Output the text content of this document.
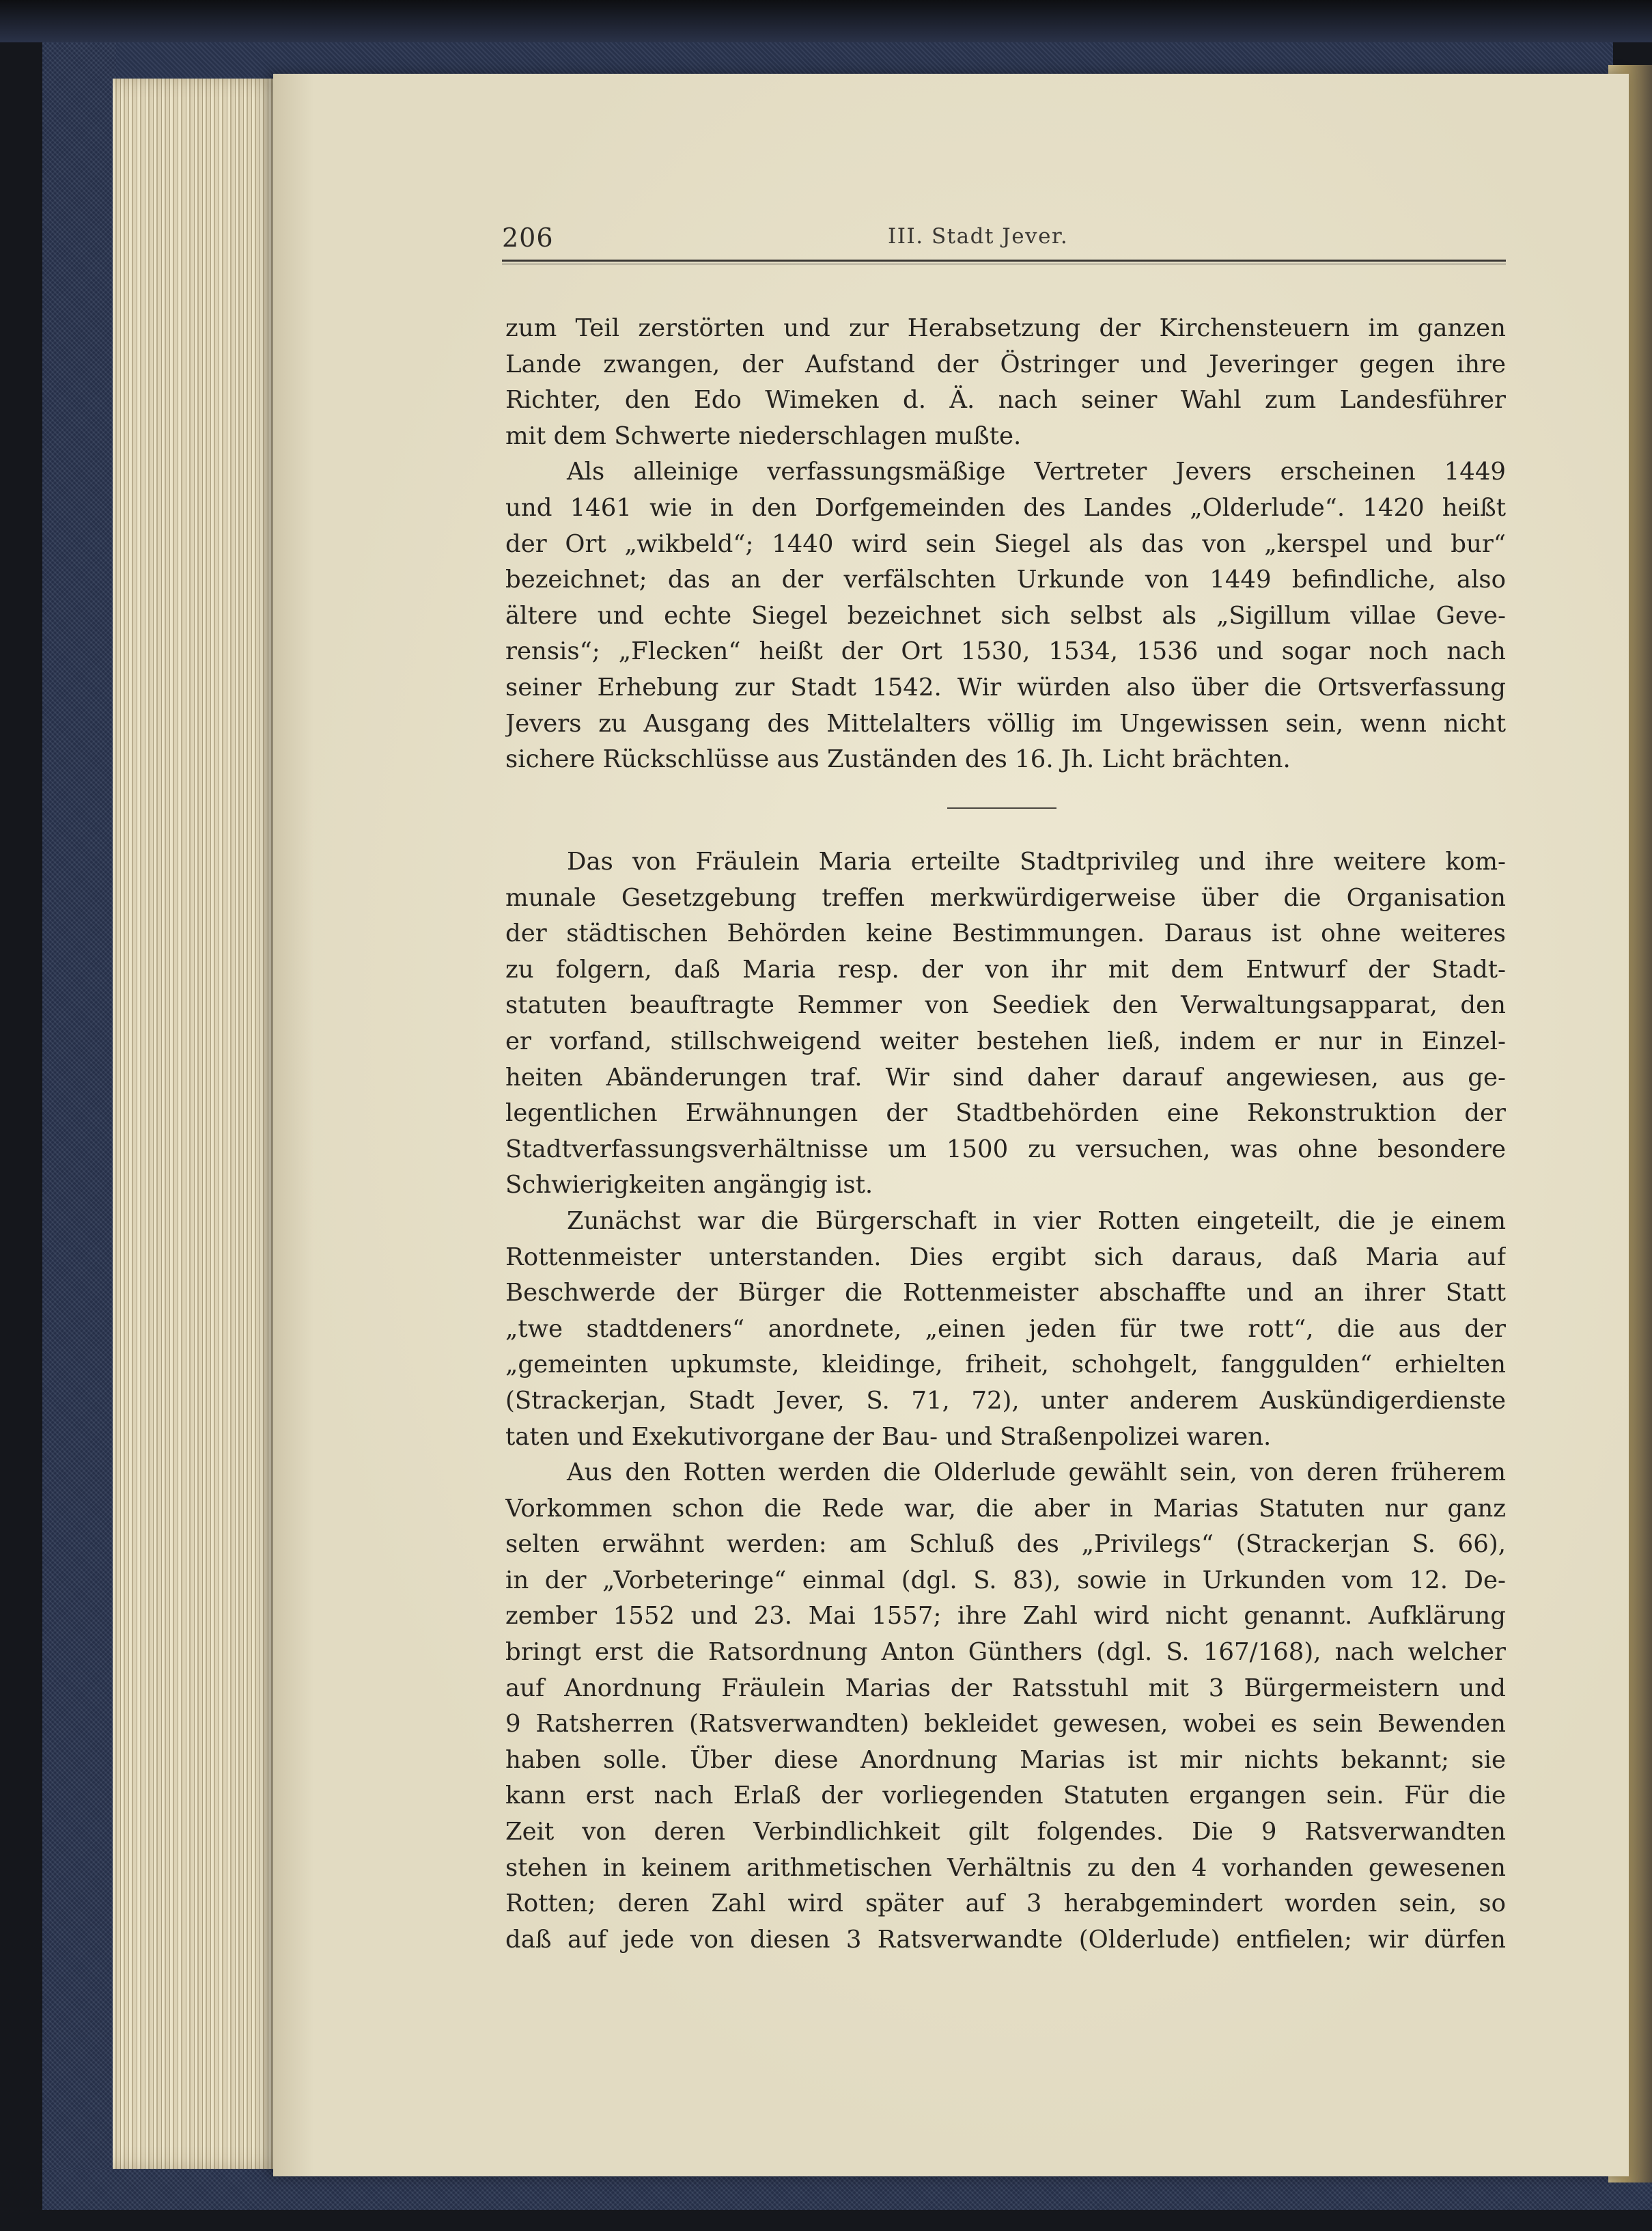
206	III. Stadt Jever.
zum Teil zerstörten und zur Herabsetzung der Kirchensteuern im ganzen
Lande zwangen, der Aufstand der Östringer und Jeveringer gegen ihre
Richter, den Edo Wimeken d. Ä. nach seiner Wahl zum Landesführer
mit dem Schwerte niederschlagen mußte.
Als alleinige verfassungsmäßige Vertreter Jevers erscheinen 1449
und 1461 wie in den Dorfgemeinden des Landes „Olderlude“. 1420 heißt
der Ort „wikbeld“; 1440 wird sein Siegel als das von „kerspel und bur“
bezeichnet; das an der verfälschten Urkunde von 1449 befindliche, also
ältere und echte Siegel bezeichnet sich selbst als „Sigillum villae Geve-
rensis“; „Flecken“ heißt der Ort 1530, 1534, 1536 und sogar noch nach
seiner Erhebung zur Stadt 1542. Wir würden also über die Ortsverfassung
Jevers zu Ausgang des Mittelalters völlig im Ungewissen sein, wenn nicht
sichere Rückschlüsse aus Zuständen des 16. Jh. Licht brächten.
Das von Fräulein Maria erteilte Stadtprivileg und ihre weitere kom-
munale Gesetzgebung treffen merkwürdigerweise über die Organisation
der städtischen Behörden keine Bestimmungen. Daraus ist ohne weiteres
zu folgern, daß Maria resp. der von ihr mit dem Entwurf der Stadt-
statuten beauftragte Remmer von Seediek den Verwaltungsapparat, den
er vorfand, stillschweigend weiter bestehen ließ, indem er nur in Einzel-
heiten Abänderungen traf. Wir sind daher darauf angewiesen, aus ge-
legentlichen Erwähnungen der Stadtbehörden eine Rekonstruktion der
Stadtverfassungsverhältnisse um 1500 zu versuchen, was ohne besondere
Schwierigkeiten angängig ist.
Zunächst war die Bürgerschaft in vier Rotten eingeteilt, die je einem
Rottenmeister unterstanden. Dies ergibt sich daraus, daß Maria auf
Beschwerde der Bürger die Rottenmeister abschaffte und an ihrer Statt
„twe stadtdeners“ anordnete, „einen jeden für twe rott“, die aus der
„gemeinten upkumste, kleidinge, friheit, schohgelt, fanggulden“ erhielten
(Strackerjan, Stadt Jever, S. 71, 72), unter anderem Auskündigerdienste
taten und Exekutivorgane der Bau- und Straßenpolizei waren.
Aus den Rotten werden die Olderlude gewählt sein, von deren früherem
Vorkommen schon die Rede war, die aber in Marias Statuten nur ganz
selten erwähnt werden: am Schluß des „Privilegs“ (Strackerjan S. 66),
in der „Vorbeteringe“ einmal (dgl. S. 83), sowie in Urkunden vom 12. De-
zember 1552 und 23. Mai 1557; ihre Zahl wird nicht genannt. Aufklärung
bringt erst die Ratsordnung Anton Günthers (dgl. S. 167/168), nach welcher
auf Anordnung Fräulein Marias der Ratsstuhl mit 3 Bürgermeistern und
9 Ratsherren (Ratsverwandten) bekleidet gewesen, wobei es sein Bewenden
haben solle. Über diese Anordnung Marias ist mir nichts bekannt; sie
kann erst nach Erlaß der vorliegenden Statuten ergangen sein. Für die
Zeit von deren Verbindlichkeit gilt folgendes. Die 9 Ratsverwandten
stehen in keinem arithmetischen Verhältnis zu den 4 vorhanden gewesenen
Rotten; deren Zahl wird später auf 3 herabgemindert worden sein, so
daß auf jede von diesen 3 Ratsverwandte (Olderlude) entfielen; wir dürfen
